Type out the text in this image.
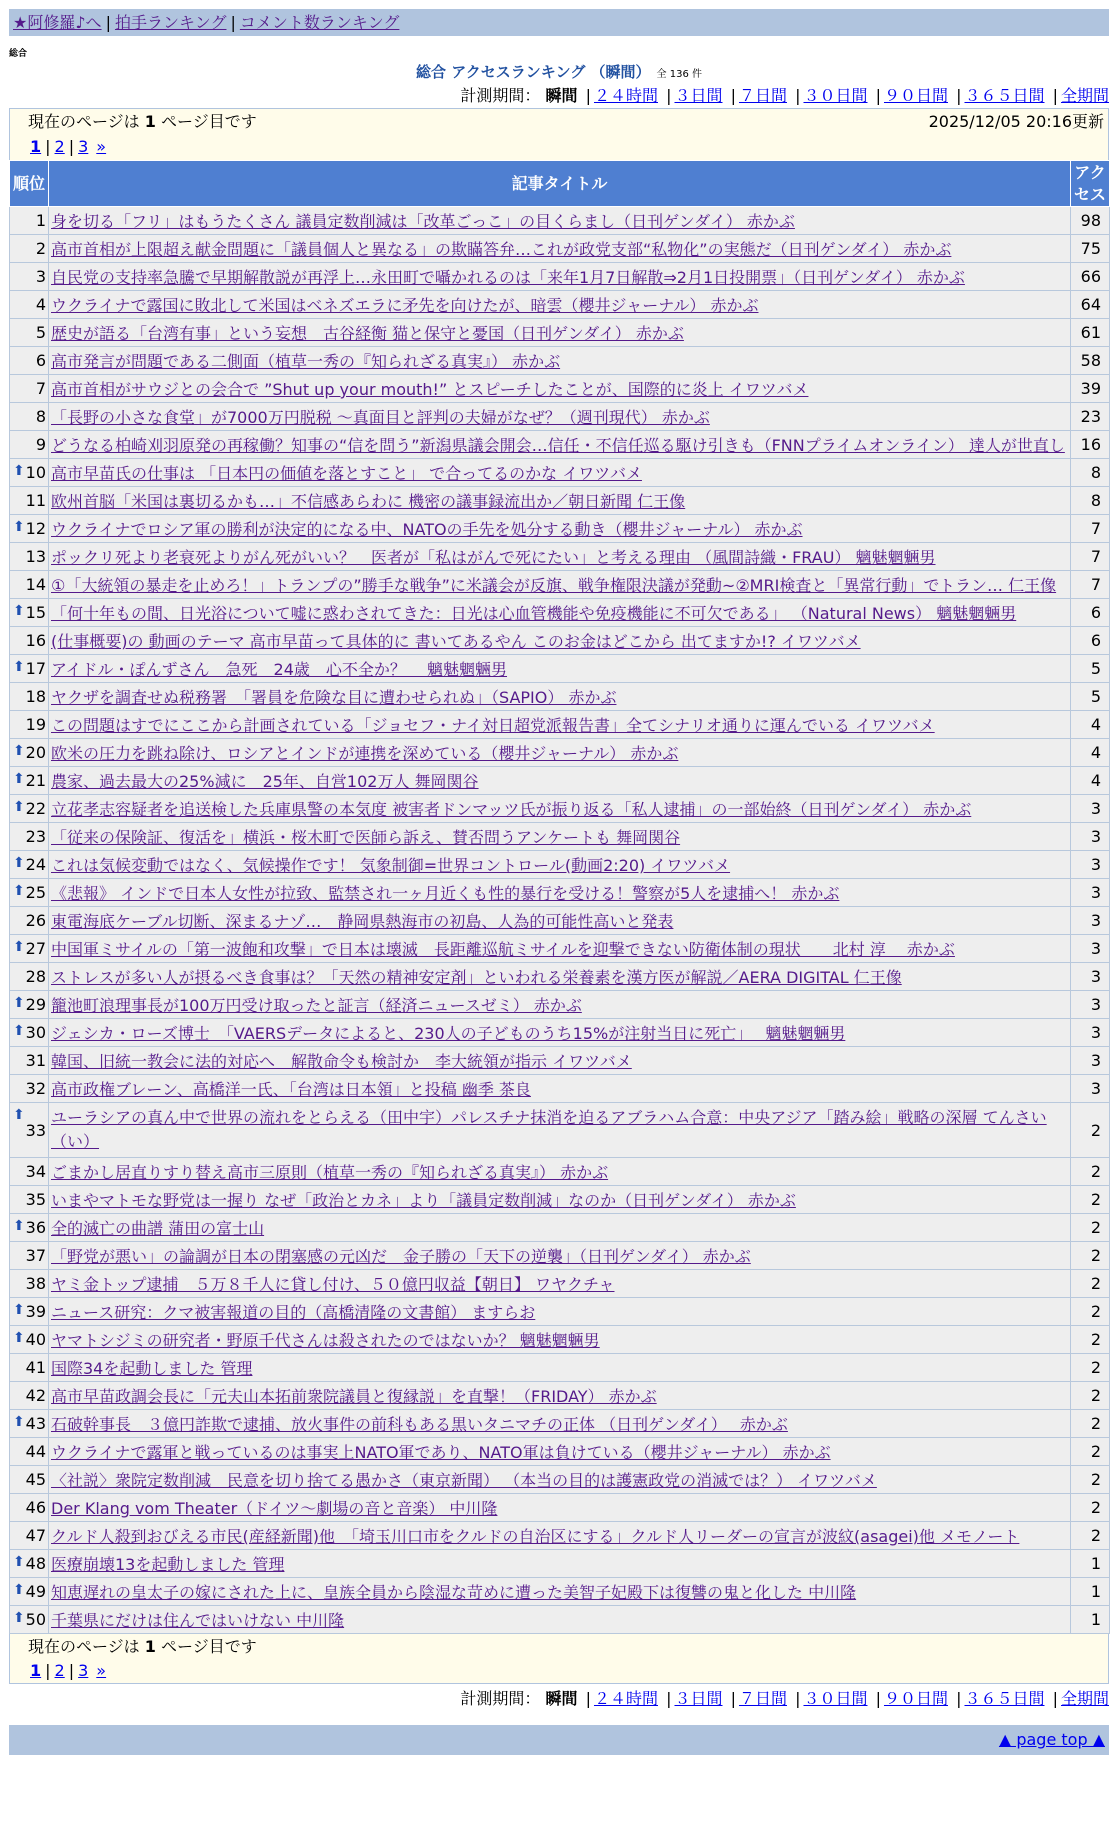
★阿修羅♪へ | 拍手ランキング | コメント数ランキング
総合
総合 アクセスランキング （瞬間） 全 136 件
計測期間： 瞬間 | ２４時間 | ３日間 | ７日間 | ３０日間 | ９０日間 | ３６５日間 | 全期間
現在のページは 1 ページ目です	2025/12/05 20:16更新
1 | 2 | 3 »
順位	記事タイトル	アクセス
1	身を切る「フリ」はもうたくさん 議員定数削減は「改革ごっこ」の目くらまし（日刊ゲンダイ） 赤かぶ	98
2	高市首相が上限超え献金問題に「議員個人と異なる」の欺瞞答弁…これが政党支部“私物化”の実態だ（日刊ゲンダイ） 赤かぶ	75
3	自民党の支持率急騰で早期解散説が再浮上…永田町で囁かれるのは「来年1月7日解散⇒2月1日投開票」（日刊ゲンダイ） 赤かぶ	66
4	ウクライナで露国に敗北して米国はベネズエラに矛先を向けたが、暗雲（櫻井ジャーナル） 赤かぶ	64
5	歴史が語る「台湾有事」という妄想　古谷経衡 猫と保守と憂国（日刊ゲンダイ） 赤かぶ	61
6	高市発言が問題である二側面（植草一秀の『知られざる真実』） 赤かぶ	58
7	高市首相がサウジとの会合で ”Shut up your mouth!” とスピーチしたことが、国際的に炎上 イワツバメ	39
8	「長野の小さな食堂」が7000万円脱税 ～真面目と評判の夫婦がなぜ？（週刊現代） 赤かぶ	23
9	どうなる柏崎刈羽原発の再稼働？知事の“信を問う”新潟県議会開会…信任・不信任巡る駆け引きも（FNNプライムオンライン） 達人が世直し	16

⬆ 10	高市早苗氏の仕事は 「日本円の価値を落とすこと」 で合ってるのかな イワツバメ	8
11	欧州首脳「米国は裏切るかも…」不信感あらわに 機密の議事録流出か／朝日新聞 仁王像	8

⬆ 12	ウクライナでロシア軍の勝利が決定的になる中、NATOの手先を処分する動き（櫻井ジャーナル） 赤かぶ	7
13	ポックリ死より老衰死よりがん死がいい？　医者が「私はがんで死にたい」と考える理由 （風間詩織・FRAU） 魑魅魍魎男	7
14	①「大統領の暴走を止めろ！」トランプの”勝手な戦争”に米議会が反旗、戦争権限決議が発動~②MRI検査と「異常行動」でトラン… 仁王像	7

⬆ 15	「何十年もの間、日光浴について嘘に惑わされてきた：日光は心血管機能や免疫機能に不可欠である」 （Natural News） 魑魅魍魎男	6
16	(仕事概要)の 動画のテーマ 高市早苗って具体的に 書いてあるやん このお金はどこから 出てますか!? イワツバメ	6

⬆ 17	アイドル・ぽんずさん　急死　24歳　心不全か？　 魑魅魍魎男	5
18	ヤクザを調査せぬ税務署　「署員を危険な目に遭わせられぬ」（SAPIO） 赤かぶ	5
19	この問題はすでにここから計画されている「ジョセフ・ナイ対日超党派報告書」全てシナリオ通りに運んでいる イワツバメ	4

⬆ 20	欧米の圧力を跳ね除け、ロシアとインドが連携を深めている（櫻井ジャーナル） 赤かぶ	4

⬆ 21	農家、過去最大の25%減に　25年、自営102万人 舞岡関谷	4

⬆ 22	立花孝志容疑者を追送検した兵庫県警の本気度 被害者ドンマッツ氏が振り返る「私人逮捕」の一部始終（日刊ゲンダイ） 赤かぶ	3
23	「従来の保険証、復活を」横浜・桜木町で医師ら訴え、賛否問うアンケートも 舞岡関谷	3

⬆ 24	これは気候変動ではなく、気候操作です！ 気象制御=世界コントロール(動画2:20) イワツバメ	3

⬆ 25	《悲報》 インドで日本人女性が拉致、監禁され一ヶ月近くも性的暴行を受ける！警察が5人を逮捕へ！ 赤かぶ	3
26	東電海底ケーブル切断、深まるナゾ…　静岡県熱海市の初島、人為的可能性高いと発表	3

⬆ 27	中国軍ミサイルの「第一波飽和攻撃」で日本は壊滅　長距離巡航ミサイルを迎撃できない防衛体制の現状　　北村 淳　 赤かぶ	3
28	ストレスが多い人が摂るべき食事は？「天然の精神安定剤」といわれる栄養素を漢方医が解説／AERA DIGITAL 仁王像	3

⬆ 29	籠池町浪理事長が100万円受け取ったと証言（経済ニュースゼミ） 赤かぶ	3

⬆ 30	ジェシカ・ローズ博士　「VAERSデータによると、230人の子どものうち15%が注射当日に死亡」　 魑魅魍魎男	3
31	韓国、旧統一教会に法的対応へ　解散命令も検討か　李大統領が指示 イワツバメ	3
32	高市政権ブレーン、高橋洋一氏、「台湾は日本領」と投稿 幽季 茶良	3

⬆
33	ユーラシアの真ん中で世界の流れをとらえる（田中宇）パレスチナ抹消を迫るアブラハム合意：中央アジア「踏み絵」戦略の深層 てんさい（い）	2
34	ごまかし居直りすり替え高市三原則（植草一秀の『知られざる真実』） 赤かぶ	2
35	いまやマトモな野党は一握り なぜ「政治とカネ」より「議員定数削減」なのか（日刊ゲンダイ） 赤かぶ	2

⬆ 36	全的滅亡の曲譜 蒲田の富士山	2
37	「野党が悪い」の論調が日本の閉塞感の元凶だ　金子勝の「天下の逆襲」（日刊ゲンダイ） 赤かぶ	2
38	ヤミ金トップ逮捕　５万８千人に貸し付け、５０億円収益【朝日】 ワヤクチャ	2

⬆ 39	ニュース研究：クマ被害報道の目的（高橋清隆の文書館） ますらお	2

⬆ 40	ヤマトシジミの研究者・野原千代さんは殺されたのではないか？ 魑魅魍魎男	2
41	国際34を起動しました 管理	2
42	高市早苗政調会長に「元夫山本拓前衆院議員と復縁説」を直撃！（FRIDAY） 赤かぶ	2

⬆ 43	石破幹事長　３億円詐欺で逮捕、放火事件の前科もある黒いタニマチの正体 （日刊ゲンダイ）　 赤かぶ	2
44	ウクライナで露軍と戦っているのは事実上NATO軍であり、NATO軍は負けている（櫻井ジャーナル） 赤かぶ	2
45	〈社説〉衆院定数削減　民意を切り捨てる愚かさ（東京新聞） （本当の目的は護憲政党の消滅では？） イワツバメ	2
46	Der Klang vom Theater（ドイツ～劇場の音と音楽） 中川隆	2
47	クルド人殺到おびえる市民(産経新聞)他　「埼玉川口市をクルドの自治区にする」クルド人リーダーの宣言が波紋(asagei)他 メモノート	2

⬆ 48	医療崩壊13を起動しました 管理	1

⬆ 49	知恵遅れの皇太子の嫁にされた上に、皇族全員から陰湿な苛めに遭った美智子妃殿下は復讐の鬼と化した 中川隆	1

⬆ 50	千葉県にだけは住んではいけない 中川隆	1
現在のページは 1 ページ目です
1 | 2 | 3 »
計測期間： 瞬間 | ２４時間 | ３日間 | ７日間 | ３０日間 | ９０日間 | ３６５日間 | 全期間
▲ page top ▲
